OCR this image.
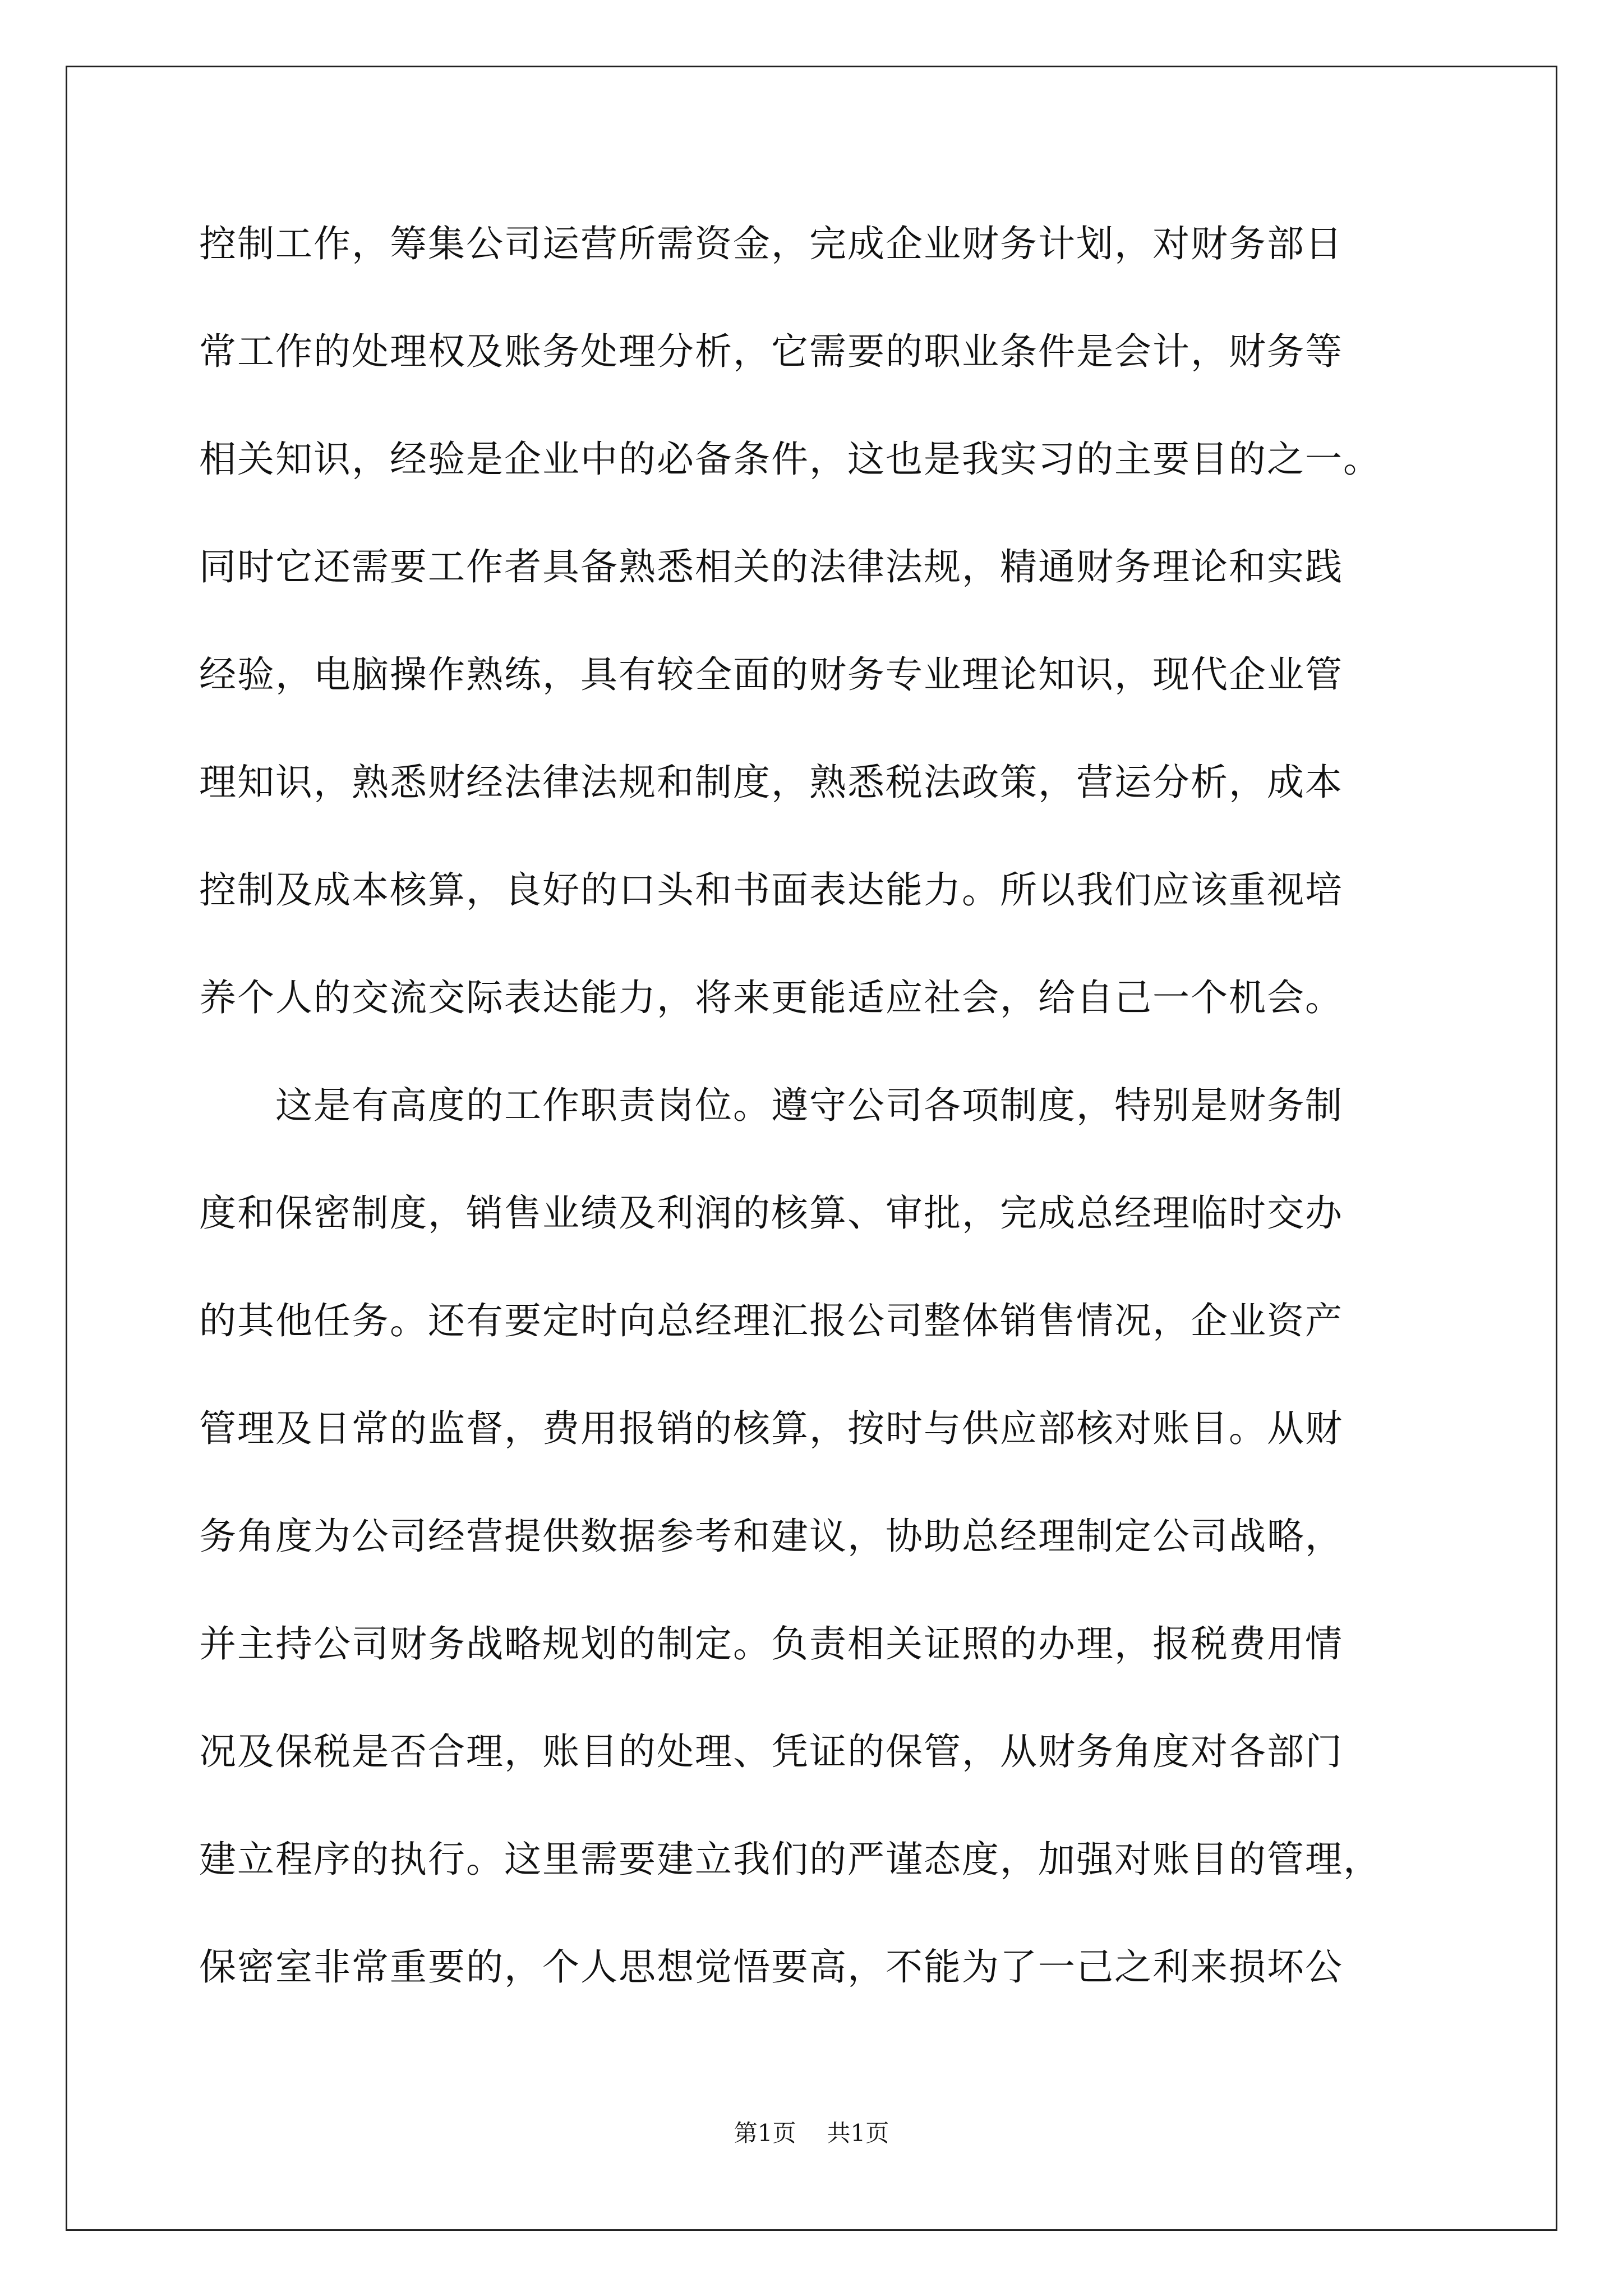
控制工作，筹集公司运营所需资金，完成企业财务计划，对财务部日
常工作的处理权及账务处理分析，它需要的职业条件是会计，财务等
相关知识，经验是企业中的必备条件，这也是我实习的主要目的之一。
同时它还需要工作者具备熟悉相关的法律法规，精通财务理论和实践
经验，电脑操作熟练，具有较全面的财务专业理论知识，现代企业管
理知识，熟悉财经法律法规和制度，熟悉税法政策，营运分析，成本
控制及成本核算，良好的口头和书面表达能力。所以我们应该重视培
养个人的交流交际表达能力，将来更能适应社会，给自己一个机会。
　　这是有高度的工作职责岗位。遵守公司各项制度，特别是财务制
度和保密制度，销售业绩及利润的核算、审批，完成总经理临时交办
的其他任务。还有要定时向总经理汇报公司整体销售情况，企业资产
管理及日常的监督，费用报销的核算，按时与供应部核对账目。从财
务角度为公司经营提供数据参考和建议，协助总经理制定公司战略，
并主持公司财务战略规划的制定。负责相关证照的办理，报税费用情
况及保税是否合理，账目的处理、凭证的保管，从财务角度对各部门
建立程序的执行。这里需要建立我们的严谨态度，加强对账目的管理，
保密室非常重要的，个人思想觉悟要高，不能为了一己之利来损坏公
第1页 共1页
